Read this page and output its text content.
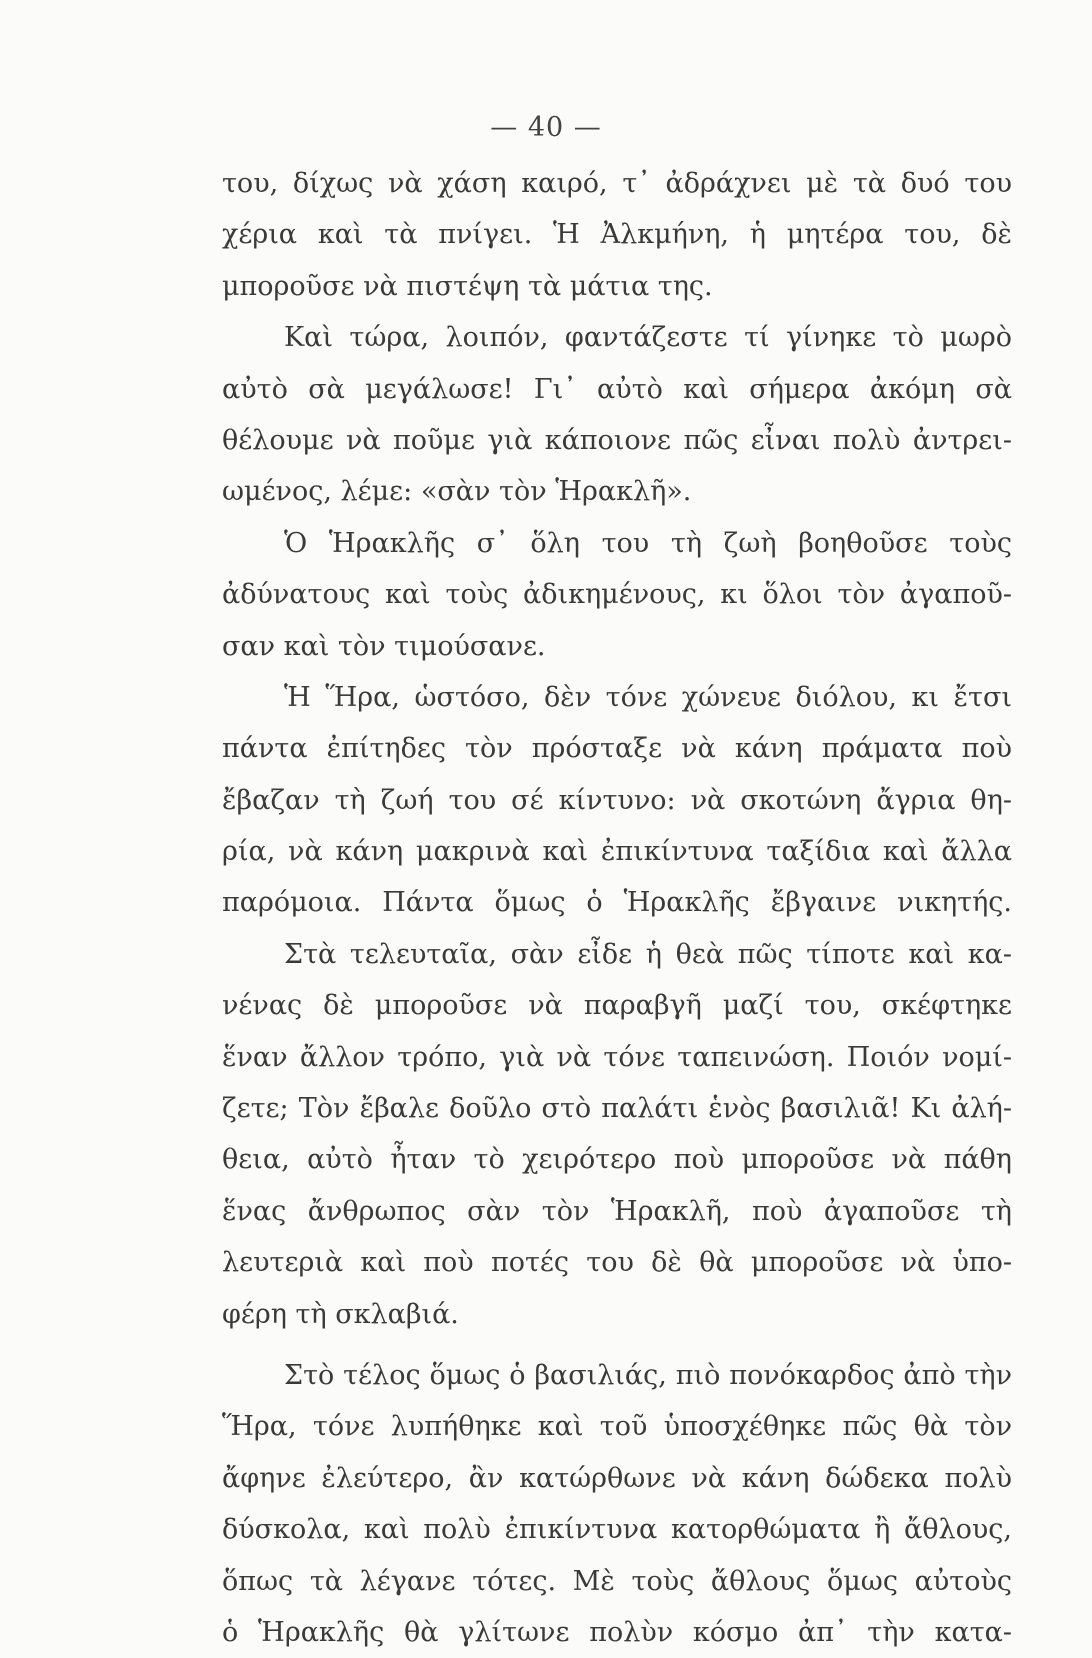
— 40 —
του, δίχως νὰ χάση καιρό, τ᾿ ἀδράχνει μὲ τὰ δυό του
χέρια καὶ τὰ πνίγει. Ἡ Ἀλκμήνη, ἡ μητέρα του, δὲ
μποροῦσε νὰ πιστέψη τὰ μάτια της.
Καὶ τώρα, λοιπόν, φαντάζεστε τί γίνηκε τὸ μωρὸ
αὐτὸ σὰ μεγάλωσε! Γι᾿ αὐτὸ καὶ σήμερα ἀκόμη σὰ
θέλουμε νὰ ποῦμε γιὰ κάποιονε πῶς εἶναι πολὺ ἀντρει-
ωμένος, λέμε: «σὰν τὸν Ἡρακλῆ».
Ὁ Ἡρακλῆς σ᾿ ὅλη του τὴ ζωὴ βοηθοῦσε τοὺς
ἀδύνατους καὶ τοὺς ἀδικημένους, κι ὅλοι τὸν ἀγαποῦ-
σαν καὶ τὸν τιμούσανε.
Ἡ Ἥρα, ὡστόσο, δὲν τόνε χώνευε διόλου, κι ἔτσι
πάντα ἐπίτηδες τὸν πρόσταξε νὰ κάνη πράματα ποὺ
ἔβαζαν τὴ ζωή του σέ κίντυνο: νὰ σκοτώνη ἄγρια θη-
ρία, νὰ κάνη μακρινὰ καὶ ἐπικίντυνα ταξίδια καὶ ἄλλα
παρόμοια. Πάντα ὅμως ὁ Ἡρακλῆς ἔβγαινε νικητής.
Στὰ τελευταῖα, σὰν εἶδε ἡ θεὰ πῶς τίποτε καὶ κα-
νένας δὲ μποροῦσε νὰ παραβγῆ μαζί του, σκέφτηκε
ἕναν ἄλλον τρόπο, γιὰ νὰ τόνε ταπεινώση. Ποιόν νομί-
ζετε; Τὸν ἔβαλε δοῦλο στὸ παλάτι ἑνὸς βασιλιᾶ! Κι ἀλή-
θεια, αὐτὸ ἦταν τὸ χειρότερο ποὺ μποροῦσε νὰ πάθη
ἕνας ἄνθρωπος σὰν τὸν Ἡρακλῆ, ποὺ ἀγαποῦσε τὴ
λευτεριὰ καὶ ποὺ ποτές του δὲ θὰ μποροῦσε νὰ ὑπο-
φέρη τὴ σκλαβιά.
Στὸ τέλος ὅμως ὁ βασιλιάς, πιὸ πονόκαρδος ἀπὸ τὴν
Ἥρα, τόνε λυπήθηκε καὶ τοῦ ὑποσχέθηκε πῶς θὰ τὸν
ἄφηνε ἐλεύτερο, ἂν κατώρθωνε νὰ κάνη δώδεκα πολὺ
δύσκολα, καὶ πολὺ ἐπικίντυνα κατορθώματα ἢ ἄθλους,
ὅπως τὰ λέγανε τότες. Μὲ τοὺς ἄθλους ὅμως αὐτοὺς
ὁ Ἡρακλῆς θὰ γλίτωνε πολὺν κόσμο ἀπ᾿ τὴν κατα-
